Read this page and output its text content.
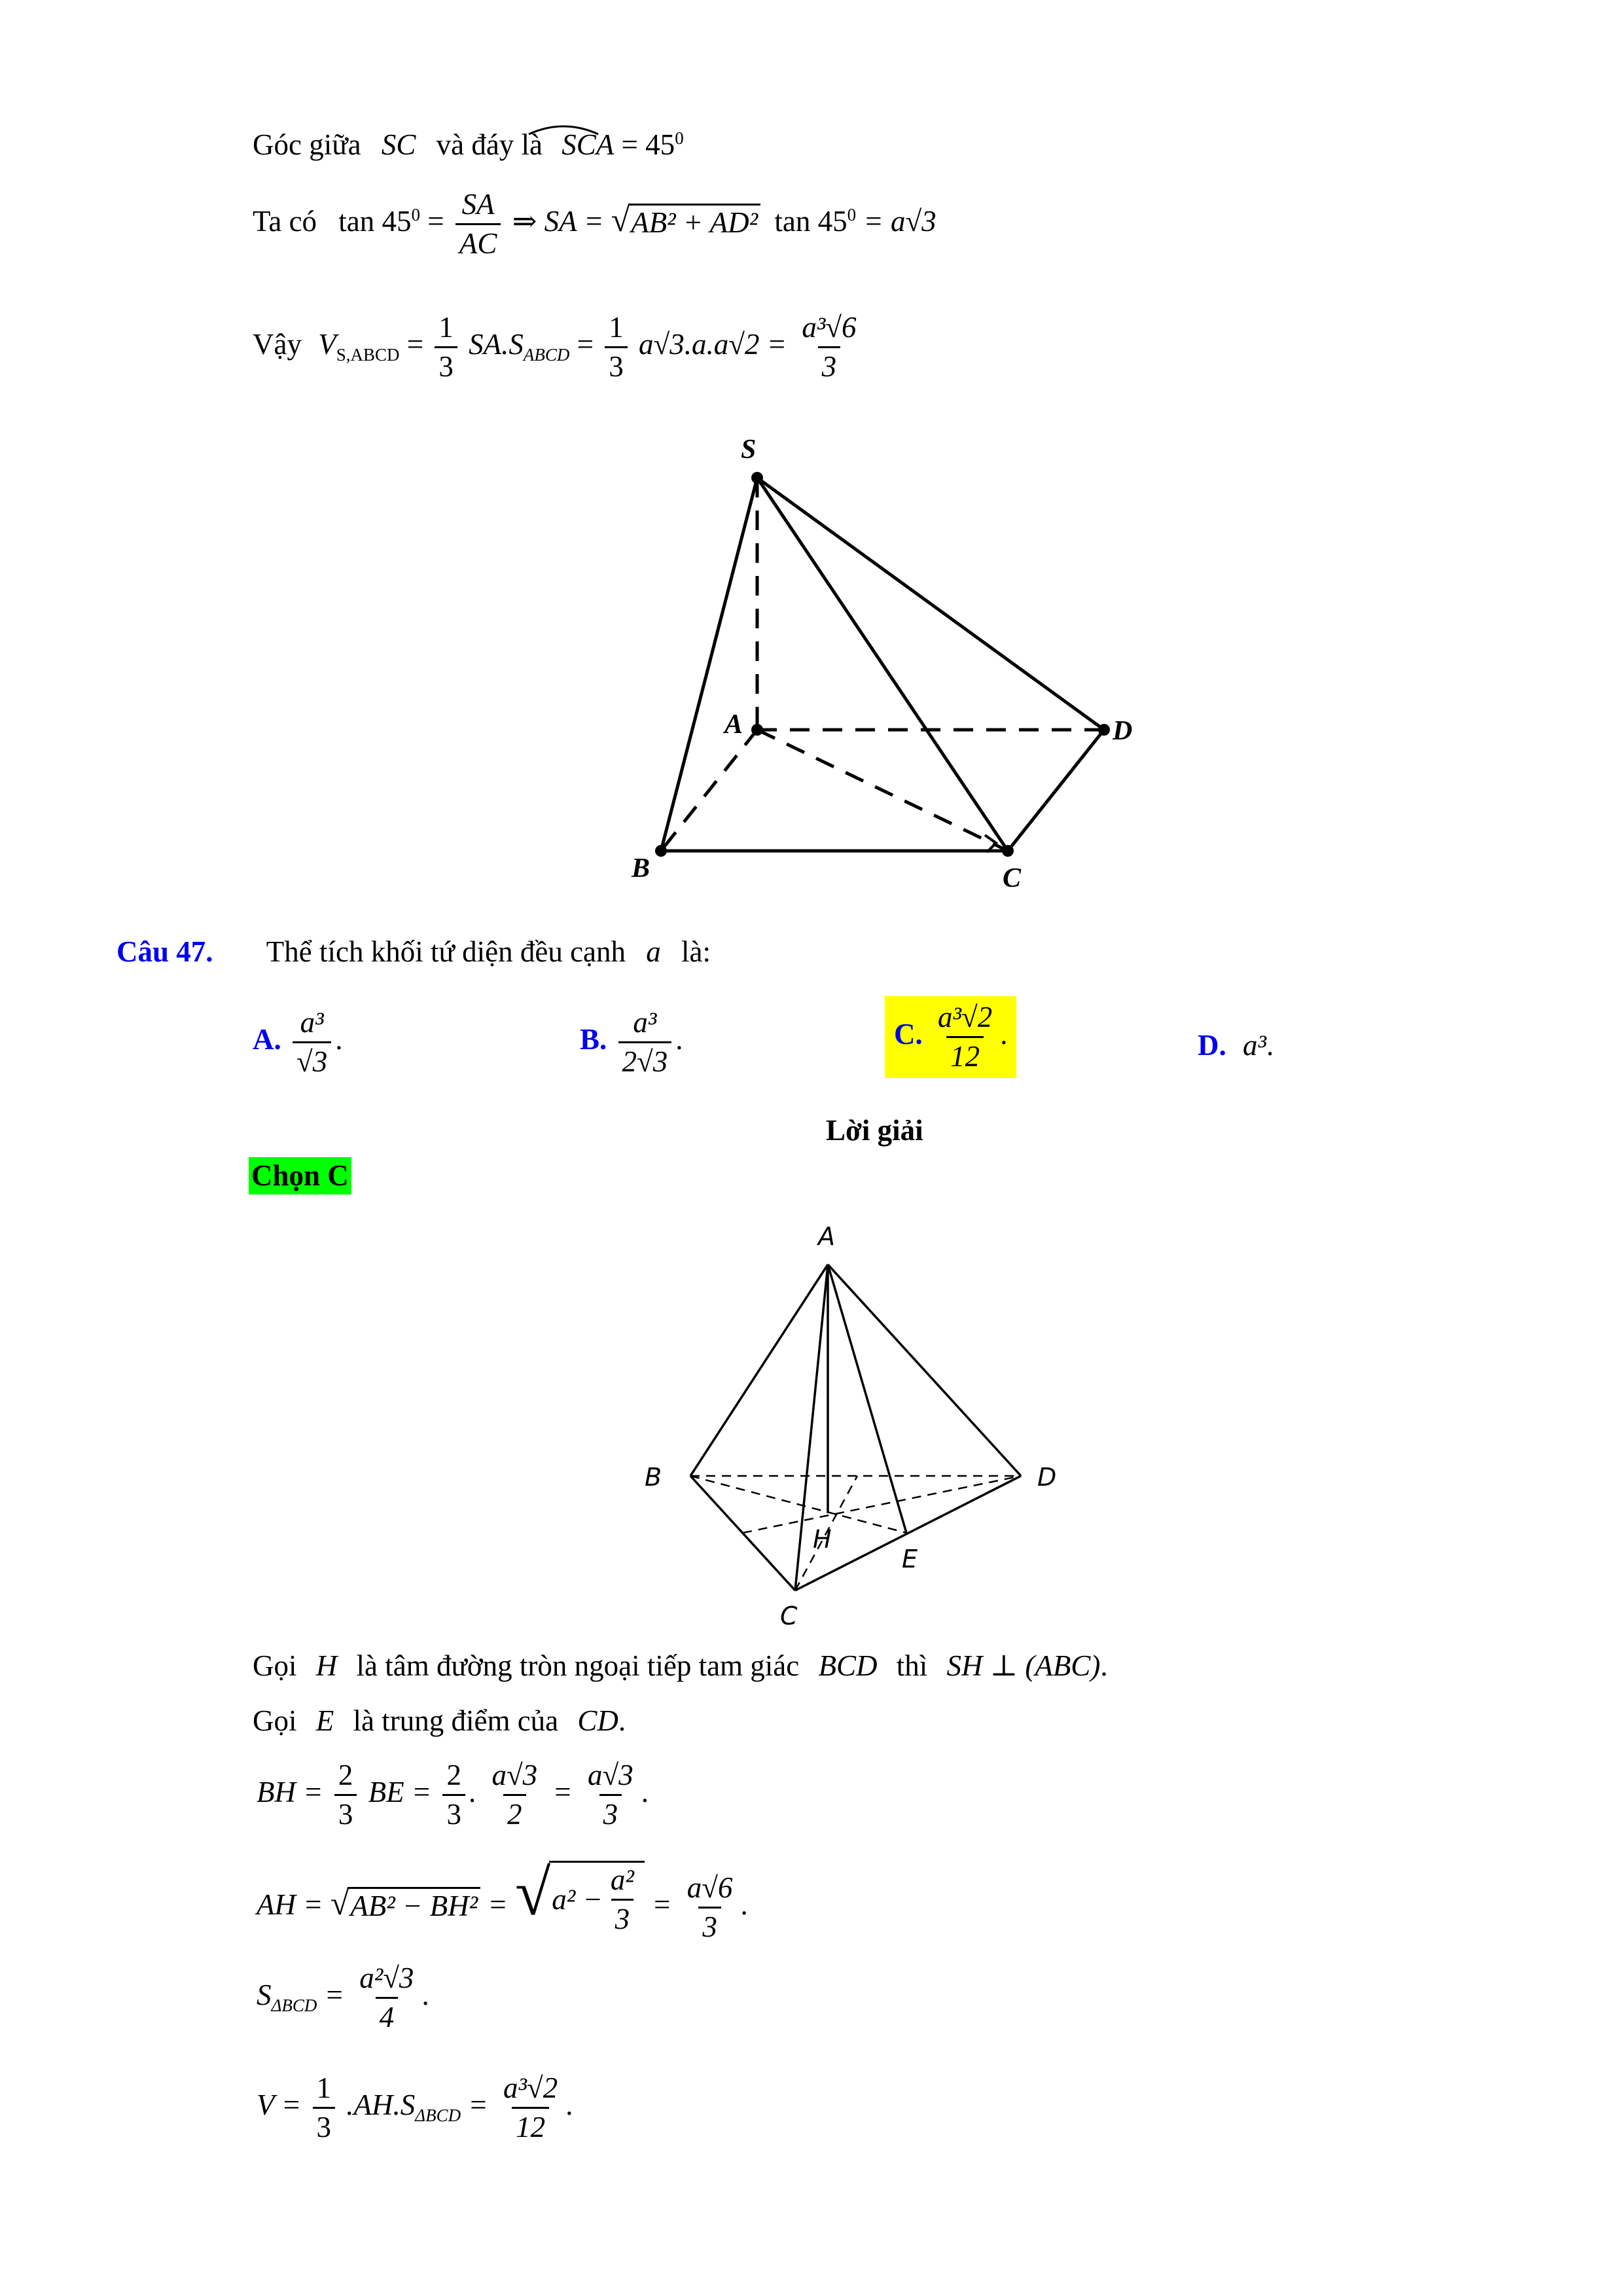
Góc giữa SC và đáy là SCA = $45^0$
Ta có $\tan 45^0 = \frac{SA}{AC}$ ⇒ SA = √ AB² + AD² $\tan 45^0 = a√3$
Vậy $V_{S,ABCD} = \frac{1}{3} SA.S_{ABCD} = \frac{1}{3} a√3.a.a√2 = \frac{\text{a³√6}}{3}$
S
A
B	C
D
Câu 47. Thể tích khối tứ diện đều cạnh a là:
A. $\frac{\text{a³}}{√3}$ .	B. $\frac{\text{a³}}{2√3}$ .	C. $\frac{\text{a³√2}}{12}$ .	D. a³.
Lời giải
Chọn C
A
B
C
D
H
E
Gọi H là tâm đường tròn ngoại tiếp tam giác BCD thì SH ⊥ (ABC).
Gọi E là trung điểm của CD.
BH = $\frac{2}{3}$ BE = $\frac{2}{3}$ . $\frac{a√3}{2} = \frac{a√3}{3}$ .
AH = √ AB² − BH² = √ $a^2 - \frac{\text{a²}}{3} = \frac{a√6}{3}$ .
$S_{\Delta BCD} = \frac{\text{a²√3}}{4}$ .
$V = \frac{1}{3} .AH.S_{\Delta BCD} = \frac{\text{a³√2}}{12}$ .
